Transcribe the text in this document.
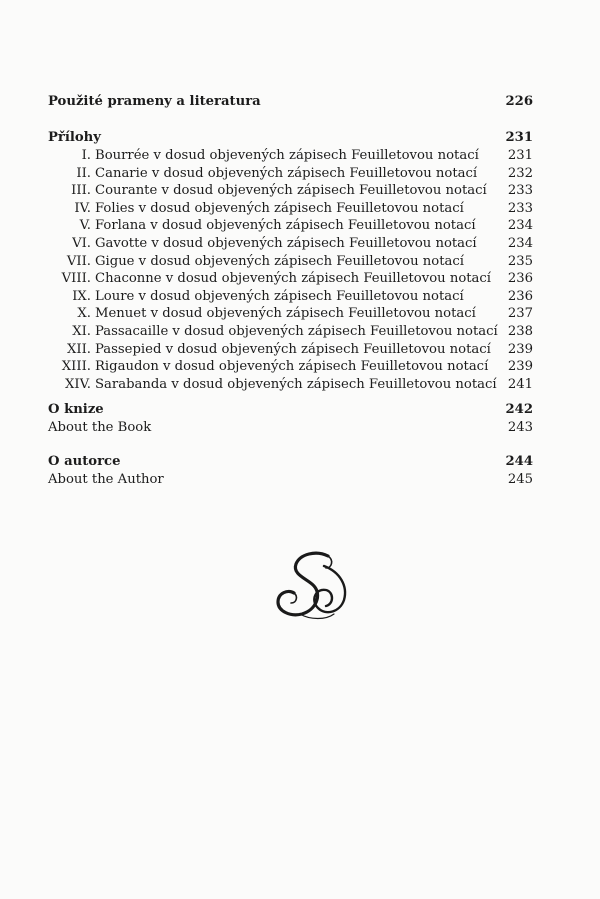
Použité prameny a literatura	226
Přílohy	231
I. Bourrée v dosud objevených zápisech Feuilletovou notací 231
II. Canarie v dosud objevených zápisech Feuilletovou notací 232
III. Courante v dosud objevených zápisech Feuilletovou notací 233
IV. Folies v dosud objevených zápisech Feuilletovou notací	233
V. Forlana v dosud objevených zápisech Feuilletovou notací 234
VI. Gavotte v dosud objevených zápisech Feuilletovou notací 234
VII. Gigue v dosud objevených zápisech Feuilletovou notací	235
VIII. Chaconne v dosud objevených zápisech Feuilletovou notací 236
IX. Loure v dosud objevených zápisech Feuilletovou notací	236
X. Menuet v dosud objevených zápisech Feuilletovou notací 237
XI. Passacaille v dosud objevených zápisech Feuilletovou notací 238
XII. Passepied v dosud objevených zápisech Feuilletovou notací 239
XIII. Rigaudon v dosud objevených zápisech Feuilletovou notací 239
XIV. Sarabanda v dosud objevených zápisech Feuilletovou notací 241
O knize	242
About the Book	243
O autorce	244
About the Author	245
